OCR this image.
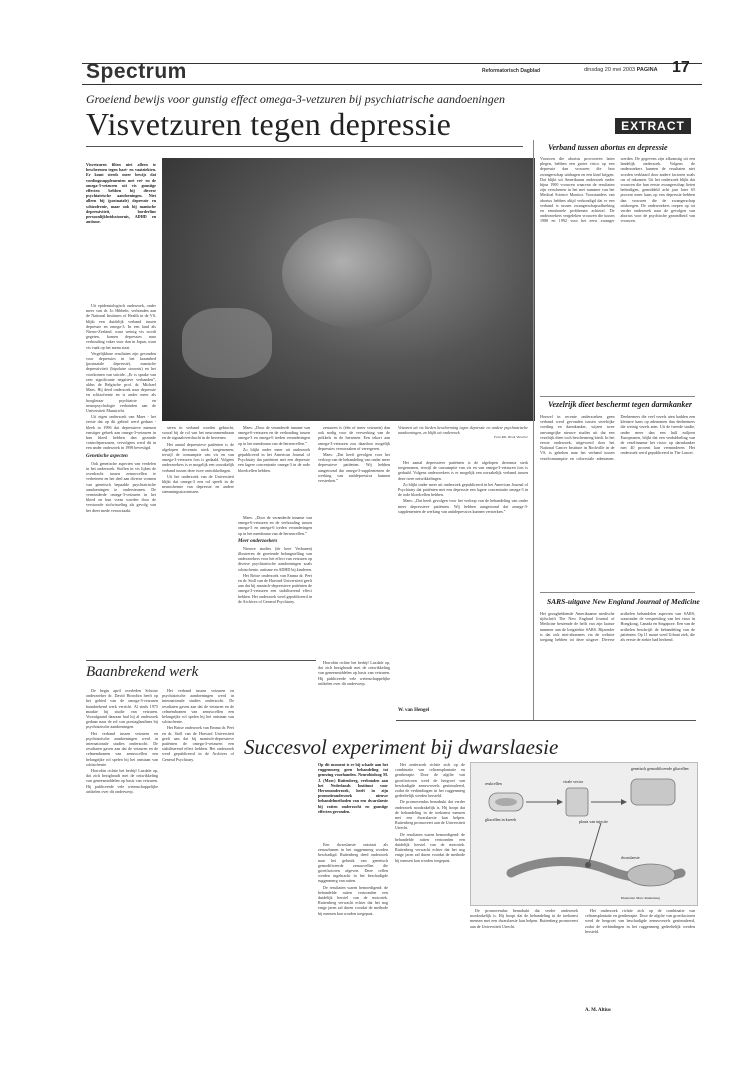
Spectrum	Reformatorisch Dagblad	dinsdag 20 mei 2003 PAGINA 17
Groeiend bewijs voor gunstig effect omega-3-vetzuren bij psychiatrische aandoeningen
Visvetzuren tegen depressie	EXTRACT
Visvetzuren filten niet alleen te beschermen tegen hart- en vaatziekten. Er komt steeds meer bewijs dat voedingssupplementen met vet- en de omega-3-vetzuren uit vis gunstige effecten hebben bij diverse psychiatrische aandoeningen. Niet alleen bij (postnatale) depressie en schizofrenie, maar ook bij manische depressiviteit, borderline persoonlijkheidsstoornis, ADHD en autisme.

Uit epidemiologisch onderzoek, onder meer van dr. Jo Hibbeln, verbonden aan de National Institutes of Health in de VS, blijkt een duidelijk verband tussen depressie en omega-3. In een land als Nieuw-Zeeland, waar weinig vis wordt gegeten, komen depressies naar verhouding vaker voor dan in Japan, waar vis vaak op het menu staat.

Vergelijkbare resultaten zijn gevonden voor depressies in het kraambed (postnatale depressie), manische depressiviteit (bipolaire stoornis) en het voorkomen van suïcide. „Er is sprake van zeer significante negatieve verbanden”, aldus de Belgische prof. dr. Michael Maes. Hij deed onderzoek naar depressie en schizofrenie en is onder meer als hoogleraar psychiatrie en neuropsychologie verbonden aan de Universiteit Maastricht.

Uit eigen onderzoek van Maes - het eerste dat op dit gebied werd gedaan - bleek in 1996 dat depressieve mensen ernstiger gebrek aan omega-3-vetzuren in hun bloed hebben dan gezonde controlepersonen, vervolgens werd dit in een ander onderzoek in 1998 bevestigd.

Genetische aspecten

Ook genetische aspecten van verdelen in het onderzoek. Stoffen in vis lijken de overdracht tussen zenuwcellen te verbeteren en het deel aan diverse vormen van genetisch bepaalde psychiatrische aandoeningen te ondersteunen. De verminderde omega-3-vetzuren in het bloed en hun vorm worden door de verstoorde stofwisseling als gevolg van het dieet mede veroorzaakt.

seren in verband worden gebracht, vooral bij de rol van het neuronmembraan en de signaaloverdracht in de hersenen.

Het aantal depressieve patiënten is de afgelopen decennia sterk toegenomen, terwijl de consumptie van vis en van omega-3-vetzuren fors is gedaald. Volgens onderzoekers is er mogelijk een oorzakelijk verband tussen deze twee ontwikkelingen.

Uit het onderzoek van de Universiteit blijkt dat omega-3 een rol speelt in de neurochemie van depressie en andere stemmingsstoornissen.

Maes: „Door de veranderde inname van omega-6-vetzuren en de verhouding tussen omega-3 en omega-6 treden veranderingen op in het membraan van de hersencellen.”

Zo blijkt onder meer uit onderzoek gepubliceerd in het American Journal of Psychiatry dat patiënten met een depressie een lagere concentratie omega-3 in de rode bloedcellen hebben.

zenuwen is (één of meer vetzuren) dan ook nodig voor de verwerking van de prikkels in de hersenen. Een tekort aan omega-3-vetzuren zou daardoor mogelijk depressies veroorzaken of verergeren.

Maes: „Dat heeft gevolgen voor het verloop van de behandeling van onder meer depressieve patiënten. Wij hebben aangetoond dat omega-3-supplementen de werking van antidepressiva kunnen versterken.”

Vetzuren uit vis bieden bescherming tegen depressie en andere psychiatrische aandoeningen, zo blijkt uit onderzoek.
Foto RD, Henk Visscher

Het aantal depressieve patiënten is de afgelopen decennia sterk toegenomen, terwijl de consumptie van vis en van omega-3-vetzuren fors is gedaald. Volgens onderzoekers is er mogelijk een oorzakelijk verband tussen deze twee ontwikkelingen.

Zo blijkt onder meer uit onderzoek gepubliceerd in het American Journal of Psychiatry dat patiënten met een depressie een lagere concentratie omega-3 in de rode bloedcellen hebben.

Maes: „Dat heeft gevolgen voor het verloop van de behandeling van onder meer depressieve patiënten. Wij hebben aangetoond dat omega-3-supplementen de werking van antidepressiva kunnen versterken.”

W. van Hengel
Baanbrekend werk

De begin april overleden Schotse onderzoeker dr. David Horrobin heeft op het gebied van de omega-3-vetzuren baanbrekend werk verricht. Al sinds 1975 maakte hij studie van vetzuren. Voorafgaand daaraan had hij al onderzoek gedaan naar de rol van prostaglandines bij psychiatrische aandoeningen.

Het verband tussen vetzuren en psychiatrische aandoeningen werd in internationale studies onderzocht. De resultaten gaven aan dat de vetzuren en de celmembranen van zenuwcellen een belangrijke rol spelen bij het ontstaan van schizofrenie.

Horrobin richtte het bedrijf Laxdale op, dat zich bezighoudt met de ontwikkeling van geneesmiddelen op basis van vetzuren. Hij publiceerde vele wetenschappelijke artikelen over dit onderwerp.

Het verband tussen vetzuren en psychiatrische aandoeningen werd in internationale studies onderzocht. De resultaten gaven aan dat de vetzuren en de celmembranen van zenuwcellen een belangrijke rol spelen bij het ontstaan van schizofrenie.

Het Britse onderzoek van Emma dr. Peet en dr. Stoll van de Harvard Universiteit geeft aan dat bij manisch-depressieve patiënten de omega-3-vetzuren een stabiliserend effect hebben. Het onderzoek werd gepubliceerd in de Archives of General Psychiatry.

Maes: „Door de veranderde inname van omega-6-vetzuren en de verhouding tussen omega-3 en omega-6 treden veranderingen op in het membraan van de hersencellen.”

Meer onderzoekers

Nieuwe studies (de heer Verbanen) illustreren de groeiende belangstelling van onderzoekers voor het effect van vetzuren op diverse psychiatrische aandoeningen zoals schizofrenie, autisme en ADHD bij kinderen.

Het Britse onderzoek van Emma dr. Peet en dr. Stoll van de Harvard Universiteit geeft aan dat bij manisch-depressieve patiënten de omega-3-vetzuren een stabiliserend effect hebben. Het onderzoek werd gepubliceerd in de Archives of General Psychiatry.

Horrobin richtte het bedrijf Laxdale op, dat zich bezighoudt met de ontwikkeling van geneesmiddelen op basis van vetzuren. Hij publiceerde vele wetenschappelijke artikelen over dit onderwerp.

Verband tussen abortus en depressie
Vrouwen die abortus provoceren laten plegen, hebben een groter risico op een depressie dan vrouwen die hun zwangerschap uitdragen en een kind krijgen. Dat blijkt uit Amerikaans onderzoek onder bijna 1900 vrouwen waarvan de resultaten zijn verschenen in het mei nummer van het Medical Science Monitor. Voorstanders van abortus hebben altijd verkondigd dat er een verband is tussen zwangerschapsafbreking en emotionele problemen achteraf. De onderzoekers vergeleken vrouwen die tussen 1980 en 1992 voor het eerst zwanger werden. De gegevens zijn afkomstig uit een landelijk onderzoek. Volgens de onderzoekers kunnen de resultaten niet worden verklaard door andere factoren zoals ras of inkomen. Uit het onderzoek blijkt dat vrouwen die hun eerste zwangerschap lieten beëindigen, gemiddeld acht jaar later 65 procent meer kans op een depressie hebben dan vrouwen die de zwangerschap uitdroegen. De onderzoekers roepen op tot verder onderzoek naar de gevolgen van abortus voor de psychische gezondheid van vrouwen.
Vezelrijk dieet beschermt tegen darmkanker
Hoewel in recente onderzoeken geen verband werd gevonden tussen vezelrijke voeding en darmkanker, wijzen twee omvangrijke nieuwe studies uit dat een vezelrijk dieet toch bescherming biedt. In het eerste onderzoek, uitgevoerd door het National Cancer Institute in Rockville in de VS, is gekeken naar het verband tussen vezelconsumptie en colorectale adenomen. Deelnemers die veel vezels aten hadden een kleinere kans op adenomen dan deelnemers die weinig vezels aten. Uit de tweede studie, onder meer dan een half miljoen Europeanen, blijkt dat een verdubbeling van de vezelinname het risico op darmkanker met 40 procent kan verminderen. Het onderzoek werd gepubliceerd in The Lancet.
SARS-uitgave New England Journal of Medicine
Het gezaghebbende Amerikaanse medische tijdschrift The New England Journal of Medicine bestemde de helft van zijn laatste nummer aan de longziekte SARS. Bijzonder is dat ook niet-abonnees via de website toegang hebben tot deze uitgave. Diverse artikelen behandelen aspecten van SARS, waaronder de verspreiding van het virus in Hongkong, Canada en Singapore. Een van de artikelen beschrijft de behandeling van de patiënten. Op 11 maart werd Urbani ziek, die als eerste de ziekte had herkend.
Succesvol experiment bij dwarslaesie
Op dit moment is er bij schade aan het ruggenmerg geen behandeling tot genezing voorhanden. Neurobioloog M. J. (Marc) Ruitenberg, verbonden aan het Nederlands Instituut voor Hersenonderzoek, heeft in zijn promotieonderzoek nieuwe behandelmethoden van een dwarslaesie bij ratten onderzocht en gunstige effecten gevonden.

Een dwarslaesie ontstaat als zenuwbanen in het ruggenmerg worden beschadigd. Ruitenberg deed onderzoek naar het gebruik van genetisch gemodificeerde zenuwcellen die groeifactoren afgeven. Deze cellen werden ingebracht in het beschadigde ruggenmerg van ratten.

De resultaten waren bemoedigend: de behandelde ratten vertoonden een duidelijk herstel van de motoriek. Ruitenberg verwacht echter dat het nog enige jaren zal duren voordat de methode bij mensen kan worden toegepast.

Het onderzoek richtte zich op de combinatie van celtransplantatie en gentherapie. Door de afgifte van groeifactoren werd de hergroei van beschadigde zenuwvezels gestimuleerd, zodat de verbindingen in het ruggenmerg gedeeltelijk werden hersteld.

De promovendus benadrukt dat verder onderzoek noodzakelijk is. Hij hoopt dat de behandeling in de toekomst mensen met een dwarslaesie kan helpen. Ruitenberg promoveert aan de Universiteit Utrecht.

De resultaten waren bemoedigend: de behandelde ratten vertoonden een duidelijk herstel van de motoriek. Ruitenberg verwacht echter dat het nog enige jaren zal duren voordat de methode bij mensen kan worden toegepast.

reukcellen	virale vector
genetisch gemodificeerde gliacellen
gliacellen in kweek	plaats van injectie
dwarslaesie
Illustratie: Marc Ruitenberg

De promovendus benadrukt dat verder onderzoek noodzakelijk is. Hij hoopt dat de behandeling in de toekomst mensen met een dwarslaesie kan helpen. Ruitenberg promoveert aan de Universiteit Utrecht.

Het onderzoek richtte zich op de combinatie van celtransplantatie en gentherapie. Door de afgifte van groeifactoren werd de hergroei van beschadigde zenuwvezels gestimuleerd, zodat de verbindingen in het ruggenmerg gedeeltelijk werden hersteld.

A. M. Altius
